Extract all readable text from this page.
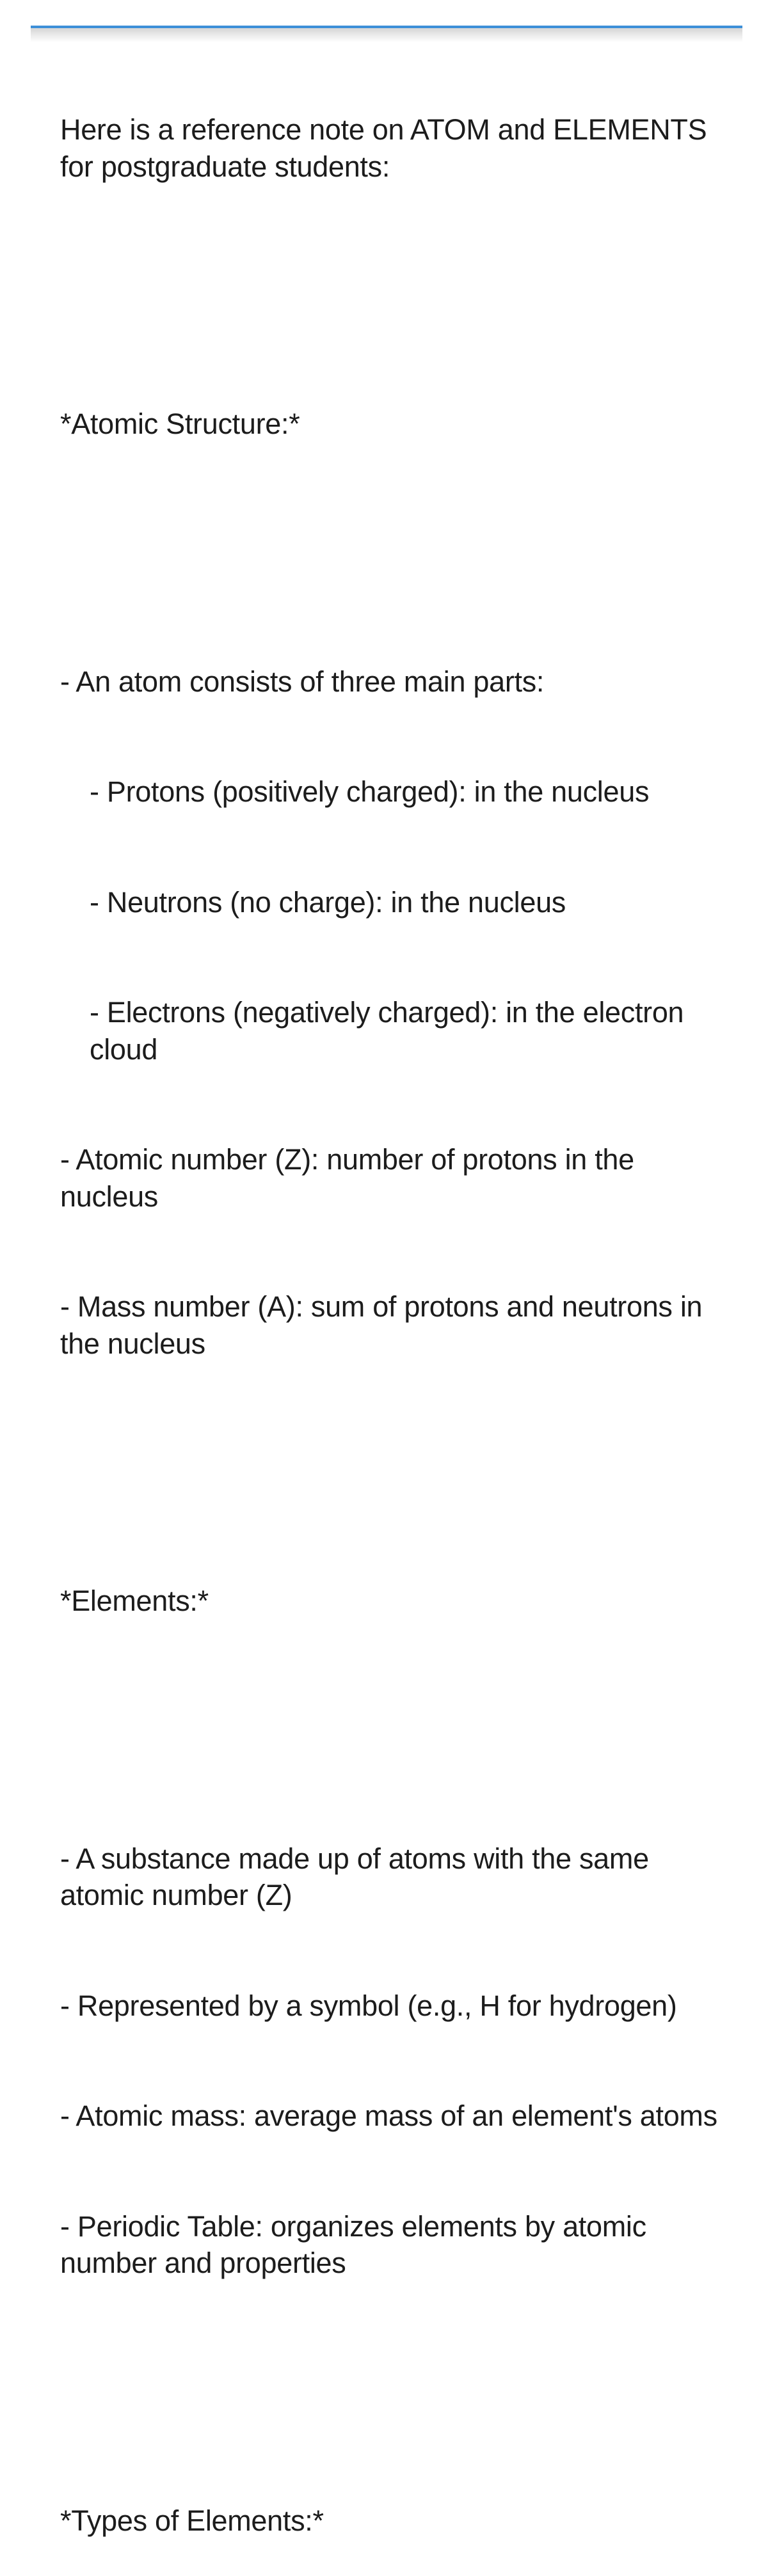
Here is a reference note on ATOM and ELEMENTS for postgraduate students:

*Atomic Structure:*

- An atom consists of three main parts:

- Protons (positively charged): in the nucleus

- Neutrons (no charge): in the nucleus

- Electrons (negatively charged): in the electron cloud

- Atomic number (Z): number of protons in the nucleus

- Mass number (A): sum of protons and neutrons in the nucleus

*Elements:*

- A substance made up of atoms with the same atomic number (Z)

- Represented by a symbol (e.g., H for hydrogen)

- Atomic mass: average mass of an element's atoms

- Periodic Table: organizes elements by atomic number and properties

*Types of Elements:*
